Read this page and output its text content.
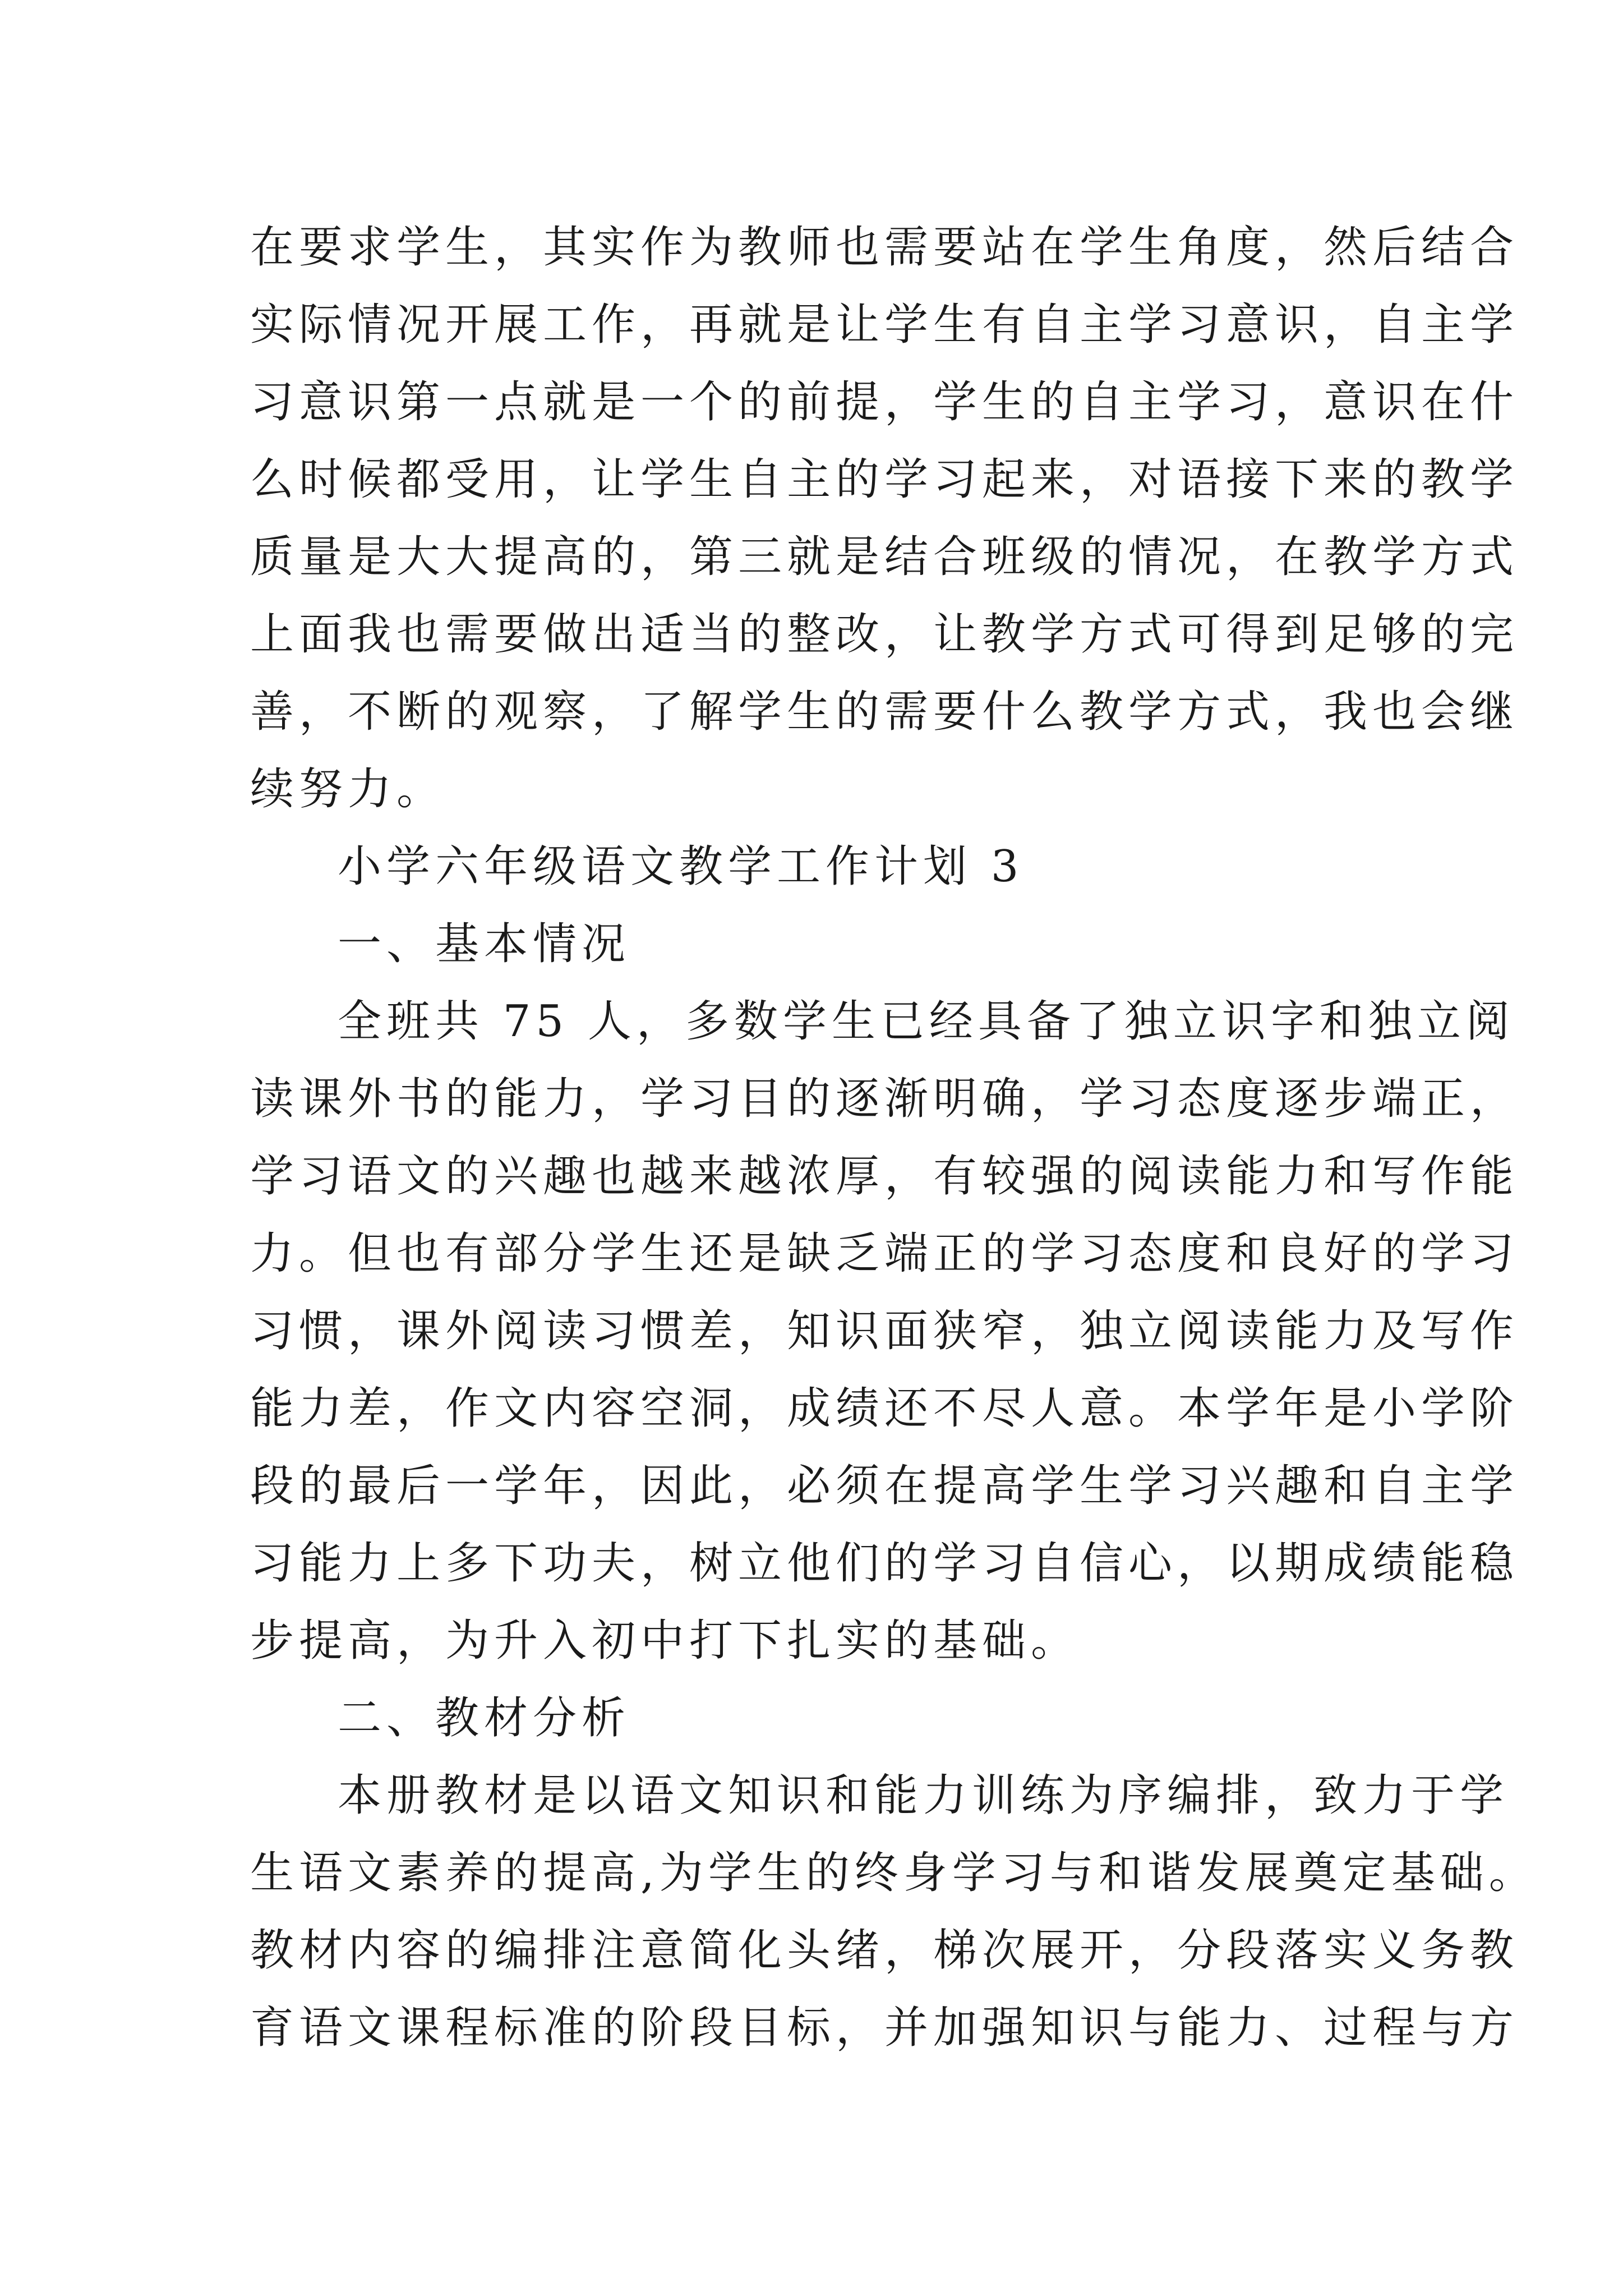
在要求学生，其实作为教师也需要站在学生角度，然后结合
实际情况开展工作，再就是让学生有自主学习意识，自主学
习意识第一点就是一个的前提，学生的自主学习，意识在什
么时候都受用，让学生自主的学习起来，对语接下来的教学
质量是大大提高的，第三就是结合班级的情况，在教学方式
上面我也需要做出适当的整改，让教学方式可得到足够的完
善，不断的观察，了解学生的需要什么教学方式，我也会继
续努力。
小学六年级语文教学工作计划 3
一、基本情况
全班共 75 人，多数学生已经具备了独立识字和独立阅
读课外书的能力，学习目的逐渐明确，学习态度逐步端正，
学习语文的兴趣也越来越浓厚，有较强的阅读能力和写作能
力。但也有部分学生还是缺乏端正的学习态度和良好的学习
习惯，课外阅读习惯差，知识面狭窄，独立阅读能力及写作
能力差，作文内容空洞，成绩还不尽人意。本学年是小学阶
段的最后一学年，因此，必须在提高学生学习兴趣和自主学
习能力上多下功夫，树立他们的学习自信心，以期成绩能稳
步提高，为升入初中打下扎实的基础。
二、教材分析
本册教材是以语文知识和能力训练为序编排，致力于学
生语文素养的提高,为学生的终身学习与和谐发展奠定基础。
教材内容的编排注意简化头绪，梯次展开，分段落实义务教
育语文课程标准的阶段目标，并加强知识与能力、过程与方
